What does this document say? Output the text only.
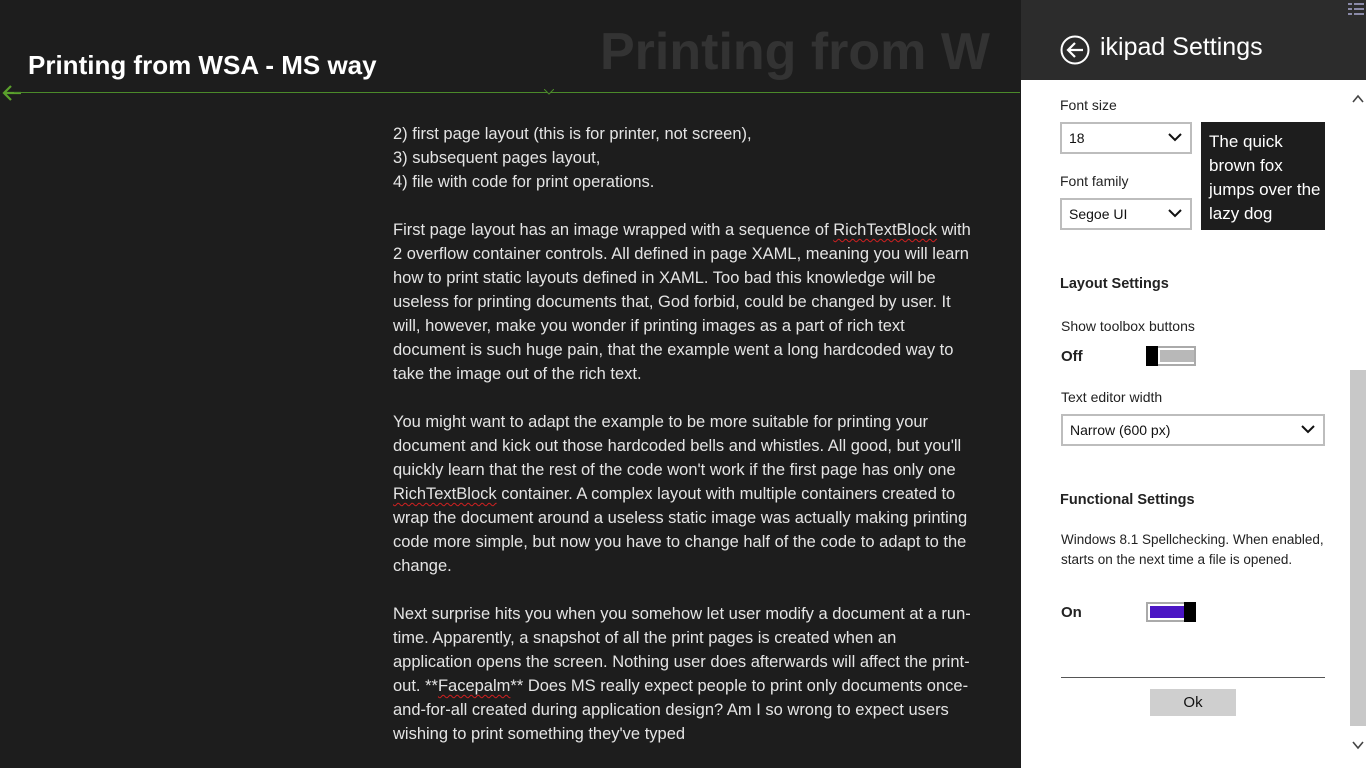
Printing from W
Printing from WSA - MS way

2) first page layout (this is for printer, not screen),
3) subsequent pages layout,
4) file with code for print operations.

First page layout has an image wrapped with a sequence of RichTextBlock with 2 overflow container controls. All defined in page XAML, meaning you will learn how to print static layouts defined in XAML. Too bad this knowledge will be useless for printing documents that, God forbid, could be changed by user. It will, however, make you wonder if printing images as a part of rich text document is such huge pain, that the example went a long hardcoded way to take the image out of the rich text.

You might want to adapt the example to be more suitable for printing your document and kick out those hardcoded bells and whistles. All good, but you'll quickly learn that the rest of the code won't work if the first page has only one RichTextBlock container. A complex layout with multiple containers created to wrap the document around a useless static image was actually making printing code more simple, but now you have to change half of the code to adapt to the change.

Next surprise hits you when you somehow let user modify a document at a run-time. Apparently, a snapshot of all the print pages is created when an application opens the screen. Nothing user does afterwards will affect the print-out. **Facepalm** Does MS really expect people to print only documents once-and-for-all created during application design? Am I so wrong to expect users wishing to print something they've typed

ikipad Settings
Font size
18
Font family
Segoe UI
The quick brown fox jumps over the lazy dog
Layout Settings
Show toolbox buttons
Off
Text editor width
Narrow (600 px)
Functional Settings
Windows 8.1 Spellchecking. When enabled, starts on the next time a file is opened.
On
Ok
